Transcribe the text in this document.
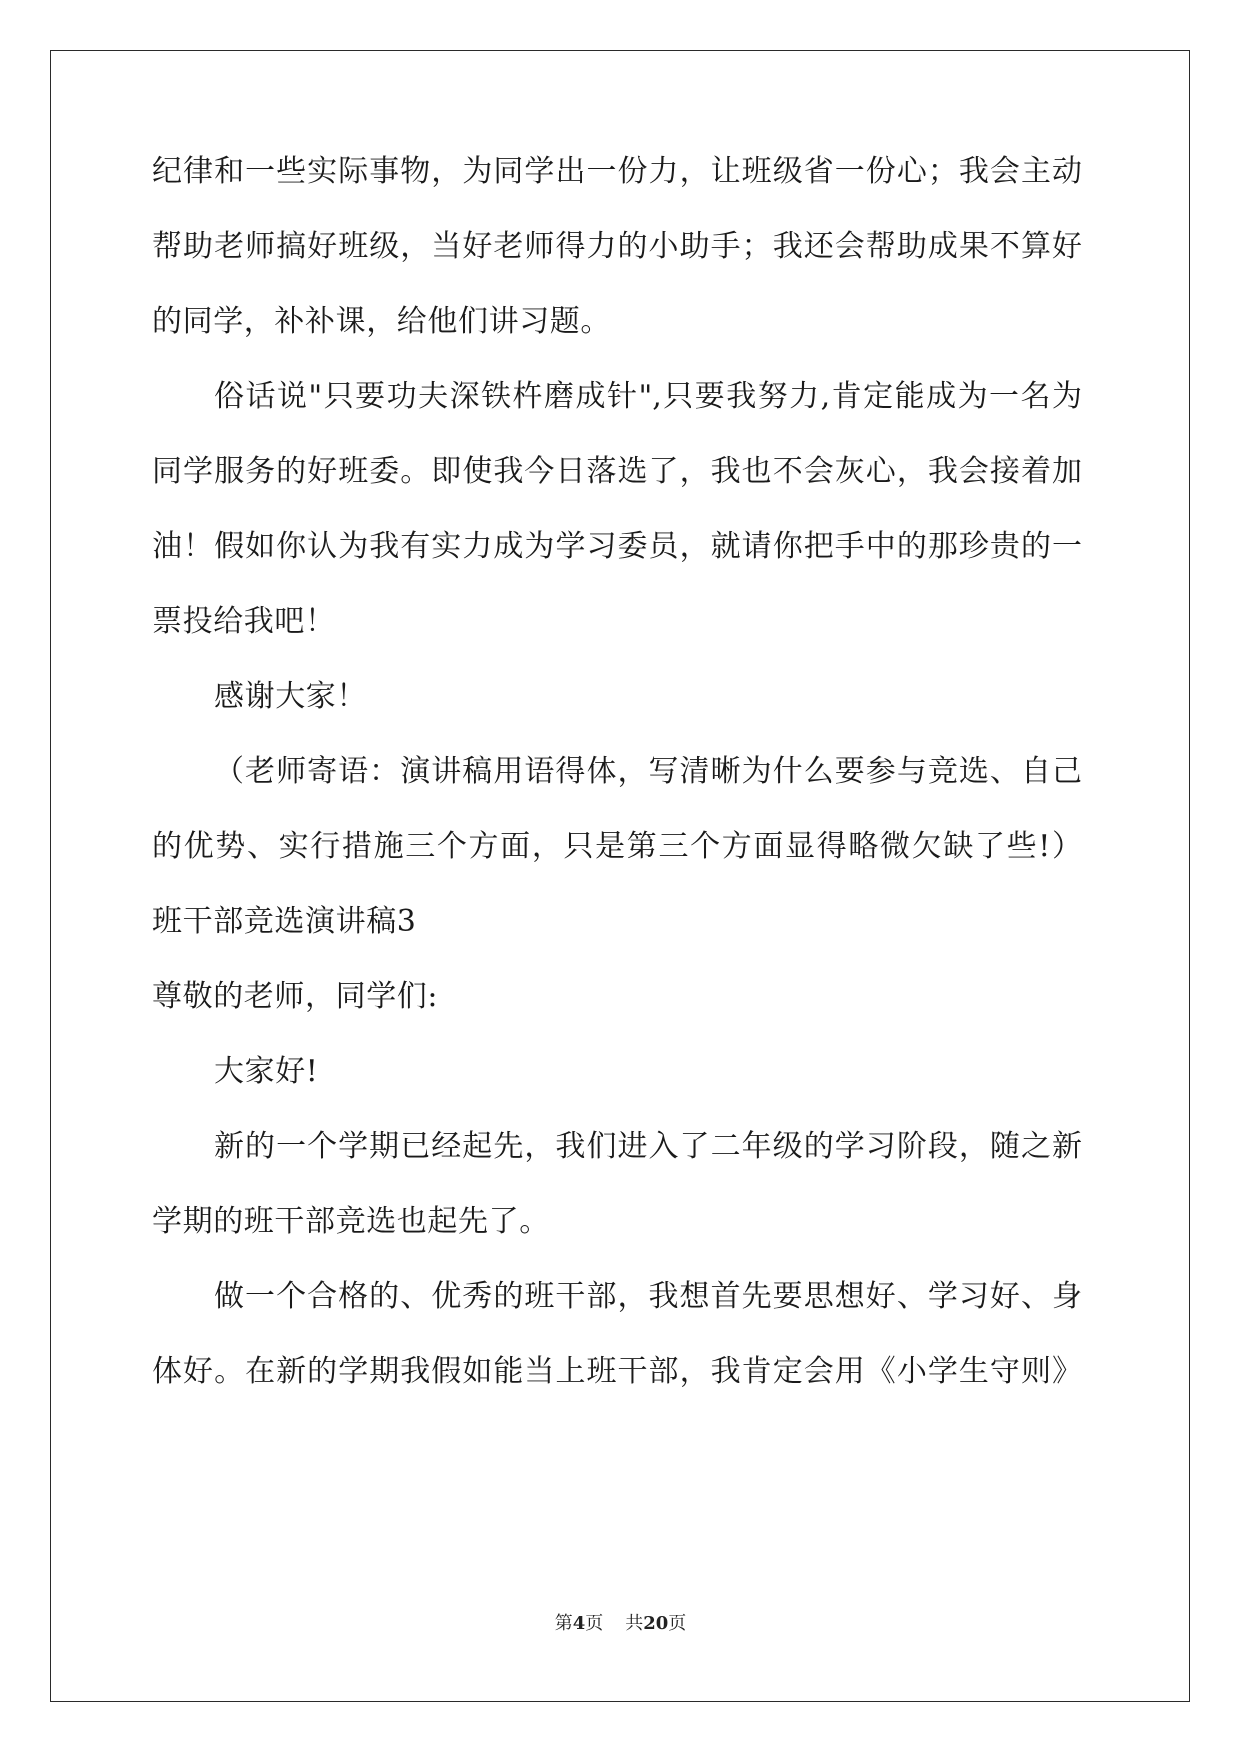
纪律和一些实际事物，为同学出一份力，让班级省一份心；我会主动
帮助老师搞好班级，当好老师得力的小助手；我还会帮助成果不算好
的同学，补补课，给他们讲习题。
俗话说"只要功夫深铁杵磨成针",只要我努力,肯定能成为一名为
同学服务的好班委。即使我今日落选了，我也不会灰心，我会接着加
油！假如你认为我有实力成为学习委员，就请你把手中的那珍贵的一
票投给我吧！
感谢大家！
（老师寄语：演讲稿用语得体，写清晰为什么要参与竞选、自己
的优势、实行措施三个方面，只是第三个方面显得略微欠缺了些!）
班干部竞选演讲稿3
尊敬的老师，同学们:
大家好!
新的一个学期已经起先，我们进入了二年级的学习阶段，随之新
学期的班干部竞选也起先了。
做一个合格的、优秀的班干部，我想首先要思想好、学习好、身
体好。在新的学期我假如能当上班干部，我肯定会用《小学生守则》
第4页 共20页
